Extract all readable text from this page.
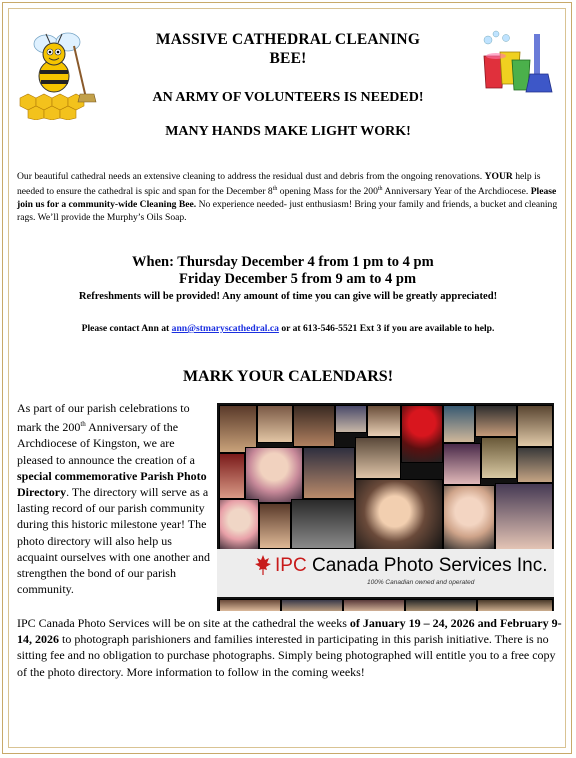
MASSIVE CATHEDRAL CLEANING
BEE!
AN ARMY OF VOLUNTEERS IS NEEDED!
MANY HANDS MAKE LIGHT WORK!
Our beautiful cathedral needs an extensive cleaning to address the residual dust and debris from the ongoing renovations. YOUR help is needed to ensure the cathedral is spic and span for the December 8th opening Mass for the 200th Anniversary Year of the Archdiocese. Please join us for a community-wide Cleaning Bee. No experience needed- just enthusiasm! Bring your family and friends, a bucket and cleaning rags. We’ll provide the Murphy’s Oils Soap.
When: Thursday December 4 from 1 pm to 4 pm
Friday December 5 from 9 am to 4 pm
Refreshments will be provided! Any amount of time you can give will be greatly appreciated!
Please contact Ann at ann@stmaryscathedral.ca or at 613-546-5521 Ext 3 if you are available to help.
MARK YOUR CALENDARS!
As part of our parish celebrations to mark the 200th Anniversary of the Archdiocese of Kingston, we are pleased to announce the creation of a special commemorative Parish Photo Directory. The directory will serve as a lasting record of our parish community during this historic milestone year! The photo directory will also help us acquaint ourselves with one another and strengthen the bond of our parish community.
IPC Canada Photo Services Inc.
100% Canadian owned and operated
IPC Canada Photo Services will be on site at the cathedral the weeks of January 19 – 24, 2026 and February 9-14, 2026 to photograph parishioners and families interested in participating in this parish initiative. There is no sitting fee and no obligation to purchase photographs. Simply being photographed will entitle you to a free copy of the photo directory. More information to follow in the coming weeks!
